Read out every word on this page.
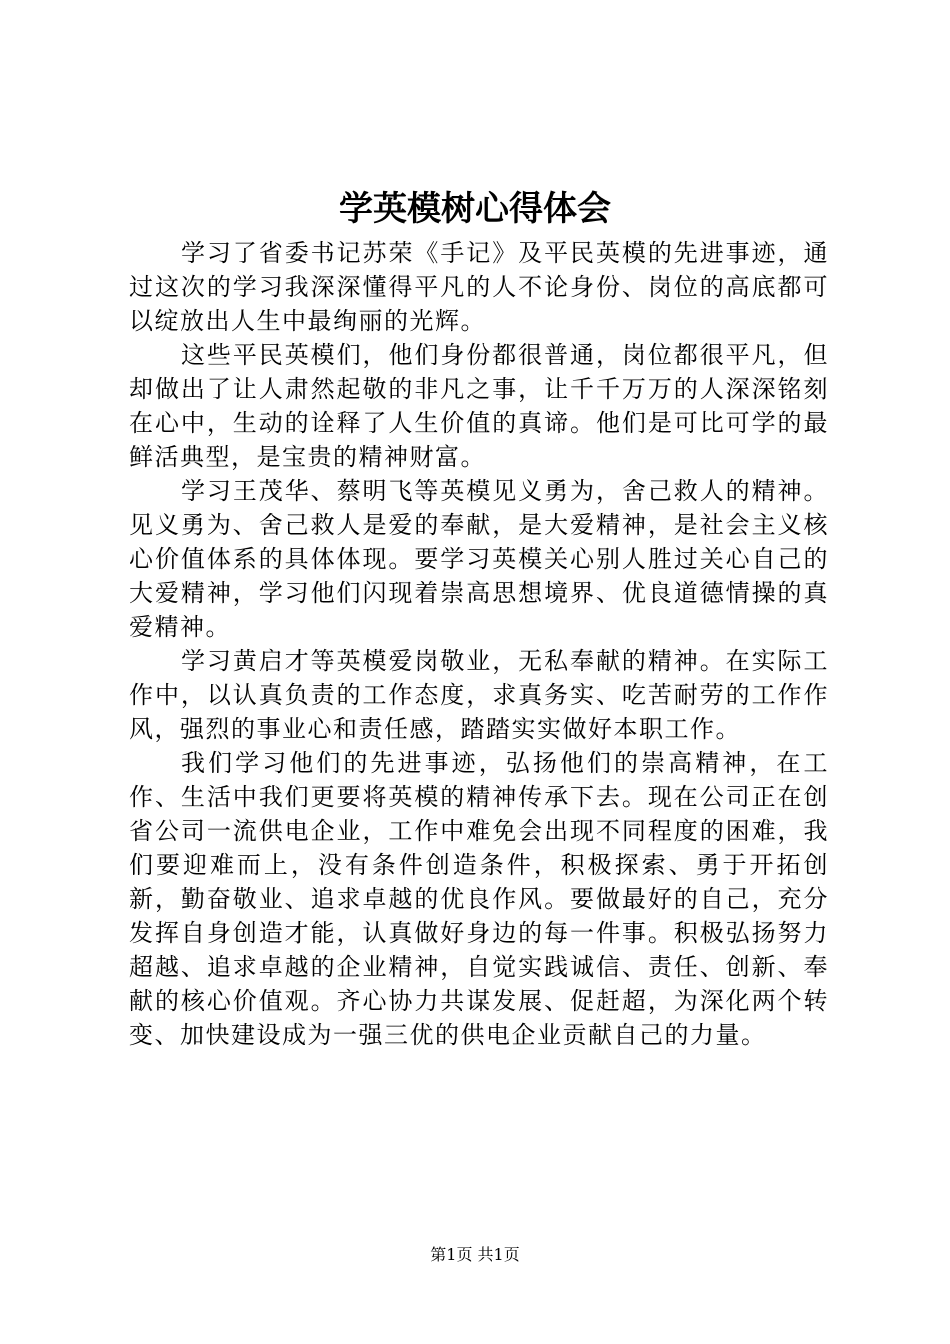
学英模树心得体会

学习了省委书记苏荣《手记》及平民英模的先进事迹，通过这次的学习我深深懂得平凡的人不论身份、岗位的高底都可以绽放出人生中最绚丽的光辉。

这些平民英模们，他们身份都很普通，岗位都很平凡，但却做出了让人肃然起敬的非凡之事，让千千万万的人深深铭刻在心中，生动的诠释了人生价值的真谛。他们是可比可学的最鲜活典型，是宝贵的精神财富。

学习王茂华、蔡明飞等英模见义勇为，舍己救人的精神。见义勇为、舍己救人是爱的奉献，是大爱精神，是社会主义核心价值体系的具体体现。要学习英模关心别人胜过关心自己的大爱精神，学习他们闪现着崇高思想境界、优良道德情操的真爱精神。

学习黄启才等英模爱岗敬业，无私奉献的精神。在实际工作中，以认真负责的工作态度，求真务实、吃苦耐劳的工作作风，强烈的事业心和责任感，踏踏实实做好本职工作。

我们学习他们的先进事迹，弘扬他们的崇高精神，在工作、生活中我们更要将英模的精神传承下去。现在公司正在创省公司一流供电企业，工作中难免会出现不同程度的困难，我们要迎难而上，没有条件创造条件，积极探索、勇于开拓创新，勤奋敬业、追求卓越的优良作风。要做最好的自己，充分发挥自身创造才能，认真做好身边的每一件事。积极弘扬努力超越、追求卓越的企业精神，自觉实践诚信、责任、创新、奉献的核心价值观。齐心协力共谋发展、促赶超，为深化两个转变、加快建设成为一强三优的供电企业贡献自己的力量。

第1页 共1页
